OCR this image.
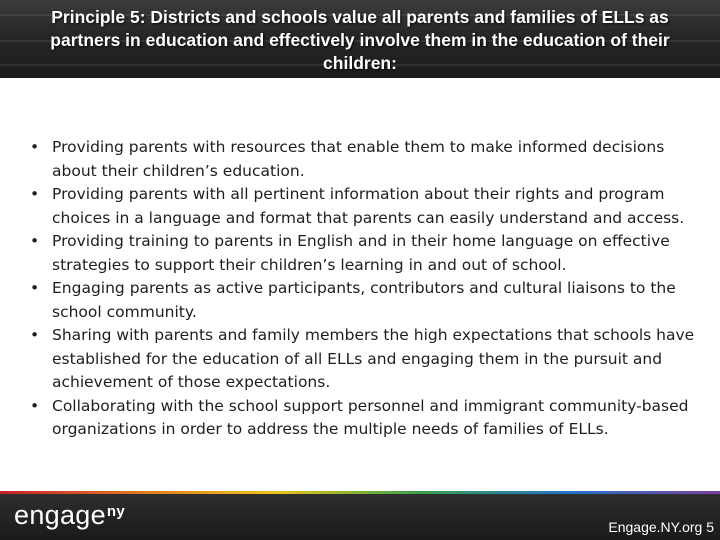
Principle 5: Districts and schools value all parents and families of ELLs as partners in education and effectively involve them in the education of their children:
• Providing parents with resources that enable them to make informed decisions about their children’s education.
• Providing parents with all pertinent information about their rights and program choices in a language and format that parents can easily understand and access.
• Providing training to parents in English and in their home language on effective strategies to support their children’s learning in and out of school.
• Engaging parents as active participants, contributors and cultural liaisons to the school community.
• Sharing with parents and family members the high expectations that schools have established for the education of all ELLs and engaging them in the pursuit and achievement of those expectations.
• Collaborating with the school support personnel and immigrant community-based organizations in order to address the multiple needs of families of ELLs.
engage$^{ny}$
Engage.NY.org 5
